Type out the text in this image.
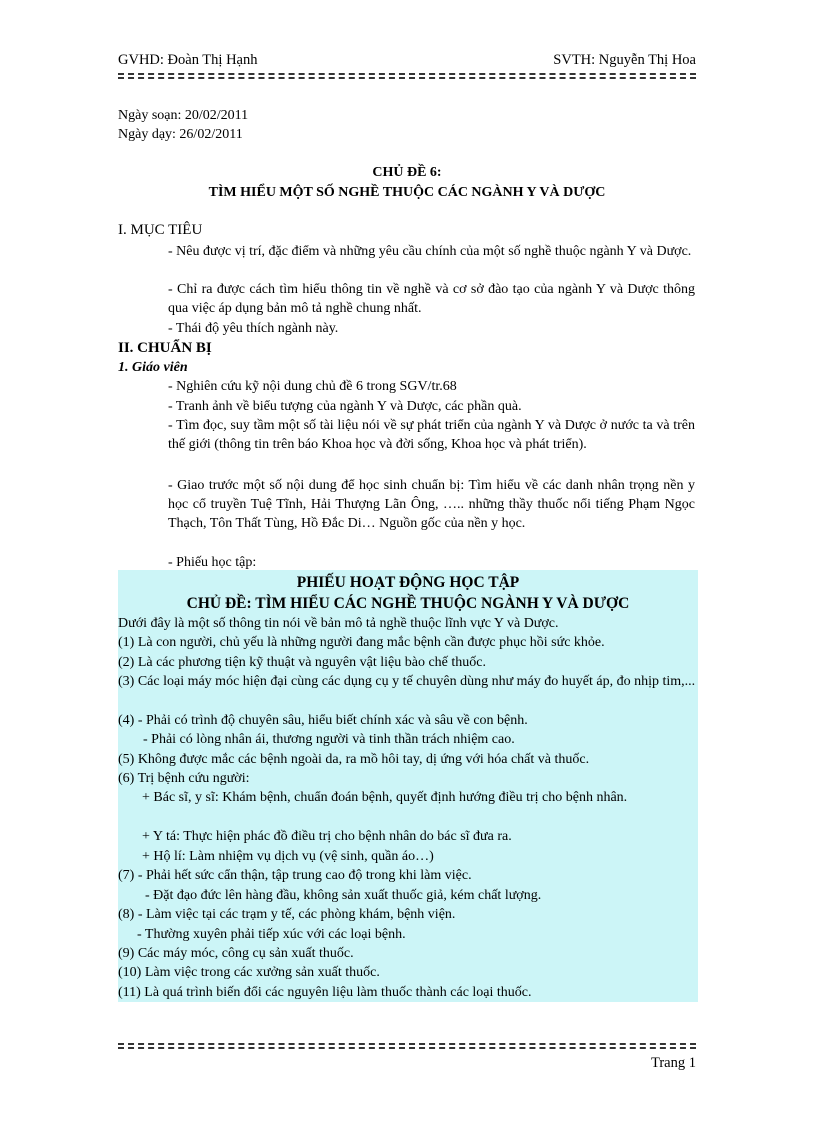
GVHD: Đoàn Thị Hạnh	SVTH: Nguyễn Thị Hoa
Ngày soạn: 20/02/2011
Ngày dạy: 26/02/2011
CHỦ ĐỀ 6:
TÌM HIỂU MỘT SỐ NGHỀ THUỘC CÁC NGÀNH Y VÀ DƯỢC
I. MỤC TIÊU
- Nêu được vị trí, đặc điểm và những yêu cầu chính của một số nghề thuộc ngành Y và Dược.
- Chỉ ra được cách tìm hiểu thông tin về nghề và cơ sở đào tạo của ngành Y và Dược thông qua việc áp dụng bản mô tả nghề chung nhất.
- Thái độ yêu thích ngành này.
II. CHUẨN BỊ
1. Giáo viên
- Nghiên cứu kỹ nội dung chủ đề 6 trong SGV/tr.68
- Tranh ảnh về biểu tượng của ngành Y và Dược, các phần quà.
- Tìm đọc, suy tầm một số tài liệu nói về sự phát triển của ngành Y và Dược ở nước ta và trên thế giới (thông tin trên báo Khoa học và đời sống, Khoa học và phát triển).
- Giao trước một số nội dung để học sinh chuẩn bị: Tìm hiểu về các danh nhân trọng nền y học cổ truyền Tuệ Tĩnh, Hải Thượng Lãn Ông, ….. những thầy thuốc nổi tiếng Phạm Ngọc Thạch, Tôn Thất Tùng, Hồ Đắc Di… Nguồn gốc của nền y học.
- Phiếu học tập:
PHIẾU HOẠT ĐỘNG HỌC TẬP
CHỦ ĐỀ: TÌM HIỂU CÁC NGHỀ THUỘC NGÀNH Y VÀ DƯỢC
Dưới đây là một số thông tin nói về bản mô tả nghề thuộc lĩnh vực Y và Dược.
(1) Là con người, chủ yếu là những người đang mắc bệnh cần được phục hồi sức khỏe.
(2) Là các phương tiện kỹ thuật và nguyên vật liệu bào chế thuốc.
(3) Các loại máy móc hiện đại cùng các dụng cụ y tế chuyên dùng như máy đo huyết áp, đo nhịp tim,...
(4) - Phải có trình độ chuyên sâu, hiểu biết chính xác và sâu về con bệnh.
- Phải có lòng nhân ái, thương người và tinh thần trách nhiệm cao.
(5) Không được mắc các bệnh ngoài da, ra mồ hôi tay, dị ứng với hóa chất và thuốc.
(6) Trị bệnh cứu người:
+ Bác sĩ, y sĩ: Khám bệnh, chuẩn đoán bệnh, quyết định hướng điều trị cho bệnh nhân.
+ Y tá: Thực hiện phác đồ điều trị cho bệnh nhân do bác sĩ đưa ra.
+ Hộ lí: Làm nhiệm vụ dịch vụ (vệ sinh, quần áo…)
(7) - Phải hết sức cẩn thận, tập trung cao độ trong khi làm việc.
- Đặt đạo đức lên hàng đầu, không sản xuất thuốc giả, kém chất lượng.
(8) - Làm việc tại các trạm y tế, các phòng khám, bệnh viện.
- Thường xuyên phải tiếp xúc với các loại bệnh.
(9) Các máy móc, công cụ sản xuất thuốc.
(10) Làm việc trong các xưởng sản xuất thuốc.
(11) Là quá trình biến đổi các nguyên liệu làm thuốc thành các loại thuốc.
Trang 1
